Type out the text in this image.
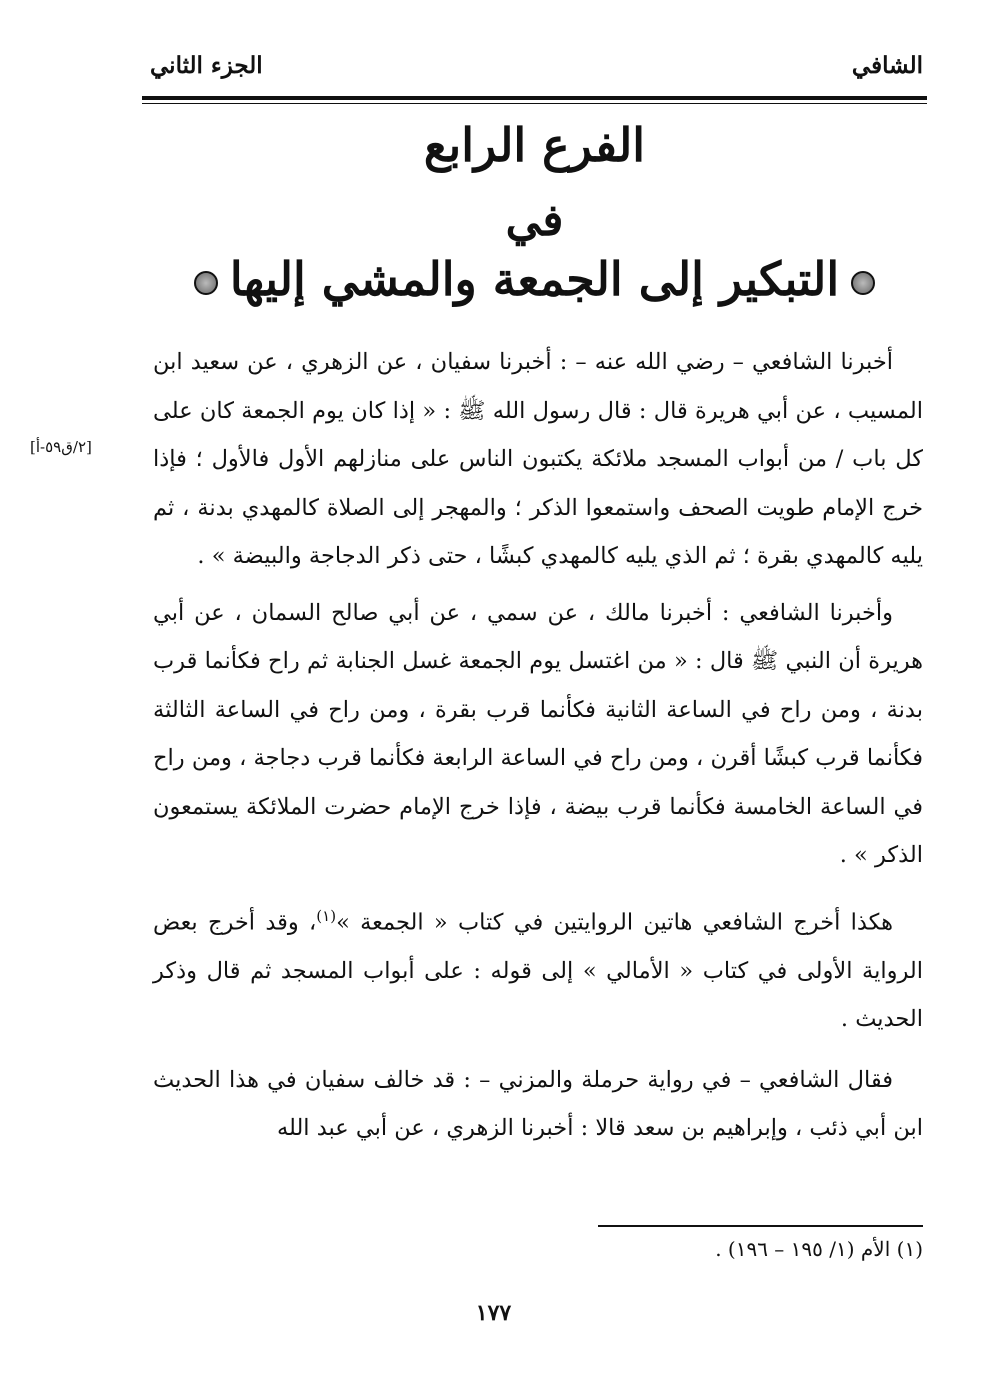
الشافي
الجزء الثاني
الفرع الرابع
في
التبكير إلى الجمعة والمشي إليها
[٢/ق٥٩-أ]

أخبرنا الشافعي – رضي الله عنه – : أخبرنا سفيان ، عن الزهري ، عن سعيد ابن المسيب ، عن أبي هريرة قال : قال رسول الله ﷺ : « إذا كان يوم الجمعة كان على كل باب / من أبواب المسجد ملائكة يكتبون الناس على منازلهم الأول فالأول ؛ فإذا خرج الإمام طويت الصحف واستمعوا الذكر ؛ والمهجر إلى الصلاة كالمهدي بدنة ، ثم يليه كالمهدي بقرة ؛ ثم الذي يليه كالمهدي كبشًا ، حتى ذكر الدجاجة والبيضة » .

وأخبرنا الشافعي : أخبرنا مالك ، عن سمي ، عن أبي صالح السمان ، عن أبي هريرة أن النبي ﷺ قال : « من اغتسل يوم الجمعة غسل الجنابة ثم راح فكأنما قرب بدنة ، ومن راح في الساعة الثانية فكأنما قرب بقرة ، ومن راح في الساعة الثالثة فكأنما قرب كبشًا أقرن ، ومن راح في الساعة الرابعة فكأنما قرب دجاجة ، ومن راح في الساعة الخامسة فكأنما قرب بيضة ، فإذا خرج الإمام حضرت الملائكة يستمعون الذكر » .

هكذا أخرج الشافعي هاتين الروايتين في كتاب « الجمعة »$^{(١)}$، وقد أخرج بعض الرواية الأولى في كتاب « الأمالي » إلى قوله : على أبواب المسجد ثم قال وذكر الحديث .

فقال الشافعي – في رواية حرملة والمزني – : قد خالف سفيان في هذا الحديث ابن أبي ذئب ، وإبراهيم بن سعد قالا : أخبرنا الزهري ، عن أبي عبد الله

(١) الأم (١/ ١٩٥ – ١٩٦) .
١٧٧
